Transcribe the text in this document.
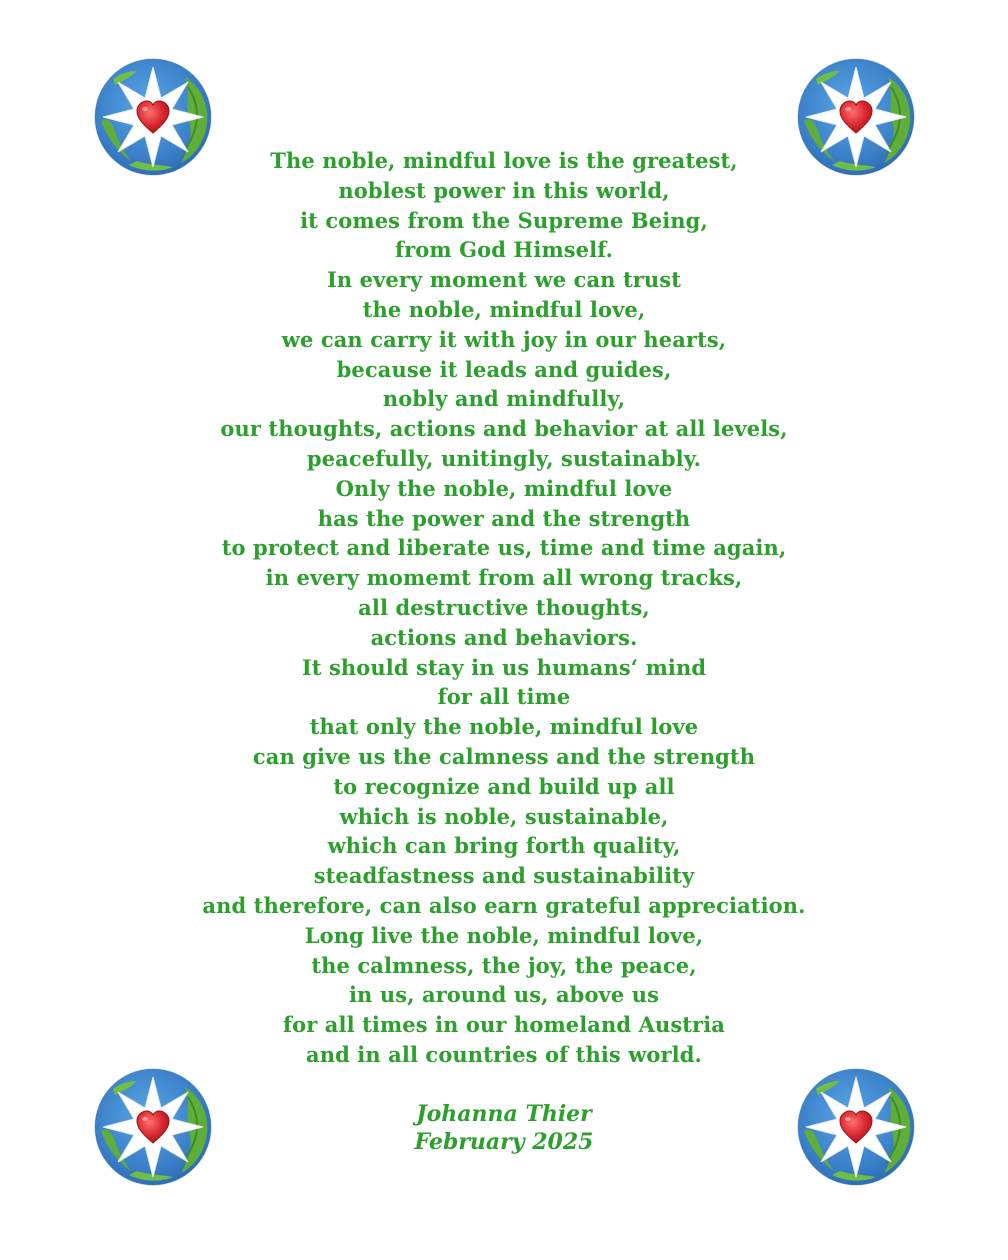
The noble, mindful love is the greatest,
noblest power in this world,
it comes from the Supreme Being,
from God Himself.
In every moment we can trust
the noble, mindful love,
we can carry it with joy in our hearts,
because it leads and guides,
nobly and mindfully,
our thoughts, actions and behavior at all levels,
peacefully, unitingly, sustainably.
Only the noble, mindful love
has the power and the strength
to protect and liberate us, time and time again,
in every momemt from all wrong tracks,
all destructive thoughts,
actions and behaviors.
It should stay in us humans‘ mind
for all time
that only the noble, mindful love
can give us the calmness and the strength
to recognize and build up all
which is noble, sustainable,
which can bring forth quality,
steadfastness and sustainability
and therefore, can also earn grateful appreciation.
Long live the noble, mindful love,
the calmness, the joy, the peace,
in us, around us, above us
for all times in our homeland Austria
and in all countries of this world.
Johanna Thier
February 2025
